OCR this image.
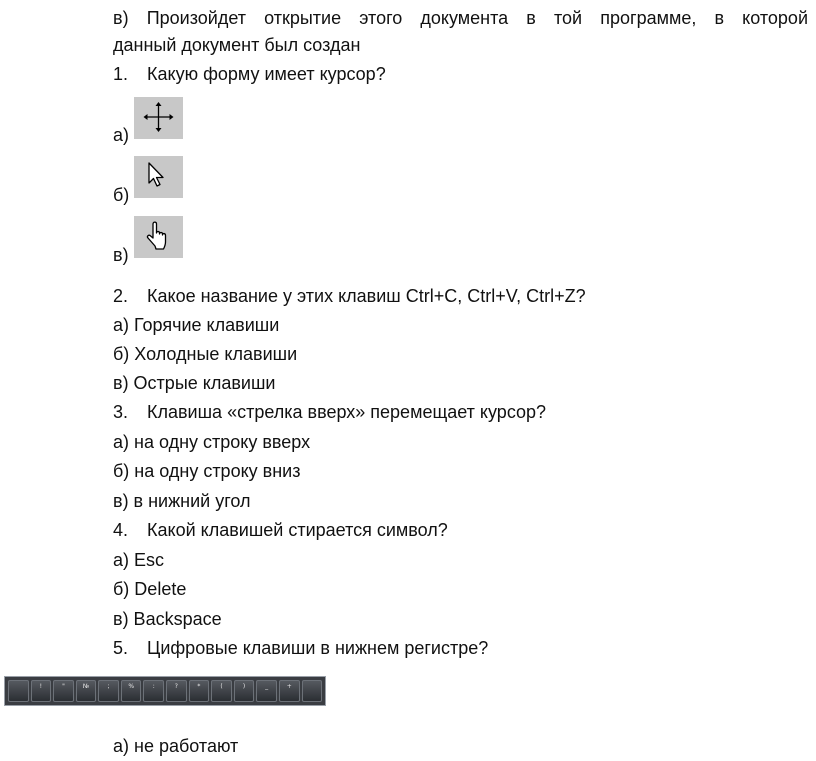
в) Произойдет открытие этого документа в той программе, в которой
данный документ был создан
1. Какую форму имеет курсор?
а)
б)
в)
2. Какое название у этих клавиш Ctrl+C, Ctrl+V, Ctrl+Z?
а) Горячие клавиши
б) Холодные клавиши
в) Острые клавиши
3. Клавиша «стрелка вверх» перемещает курсор?
а) на одну строку вверх
б) на одну строку вниз
в) в нижний угол
4. Какой клавишей стирается символ?
а) Esc
б) Delete
в) Backspace
5. Цифровые клавиши в нижнем регистре?
!	"	№	;	%	:	?	*	(	)	_	+
а) не работают
